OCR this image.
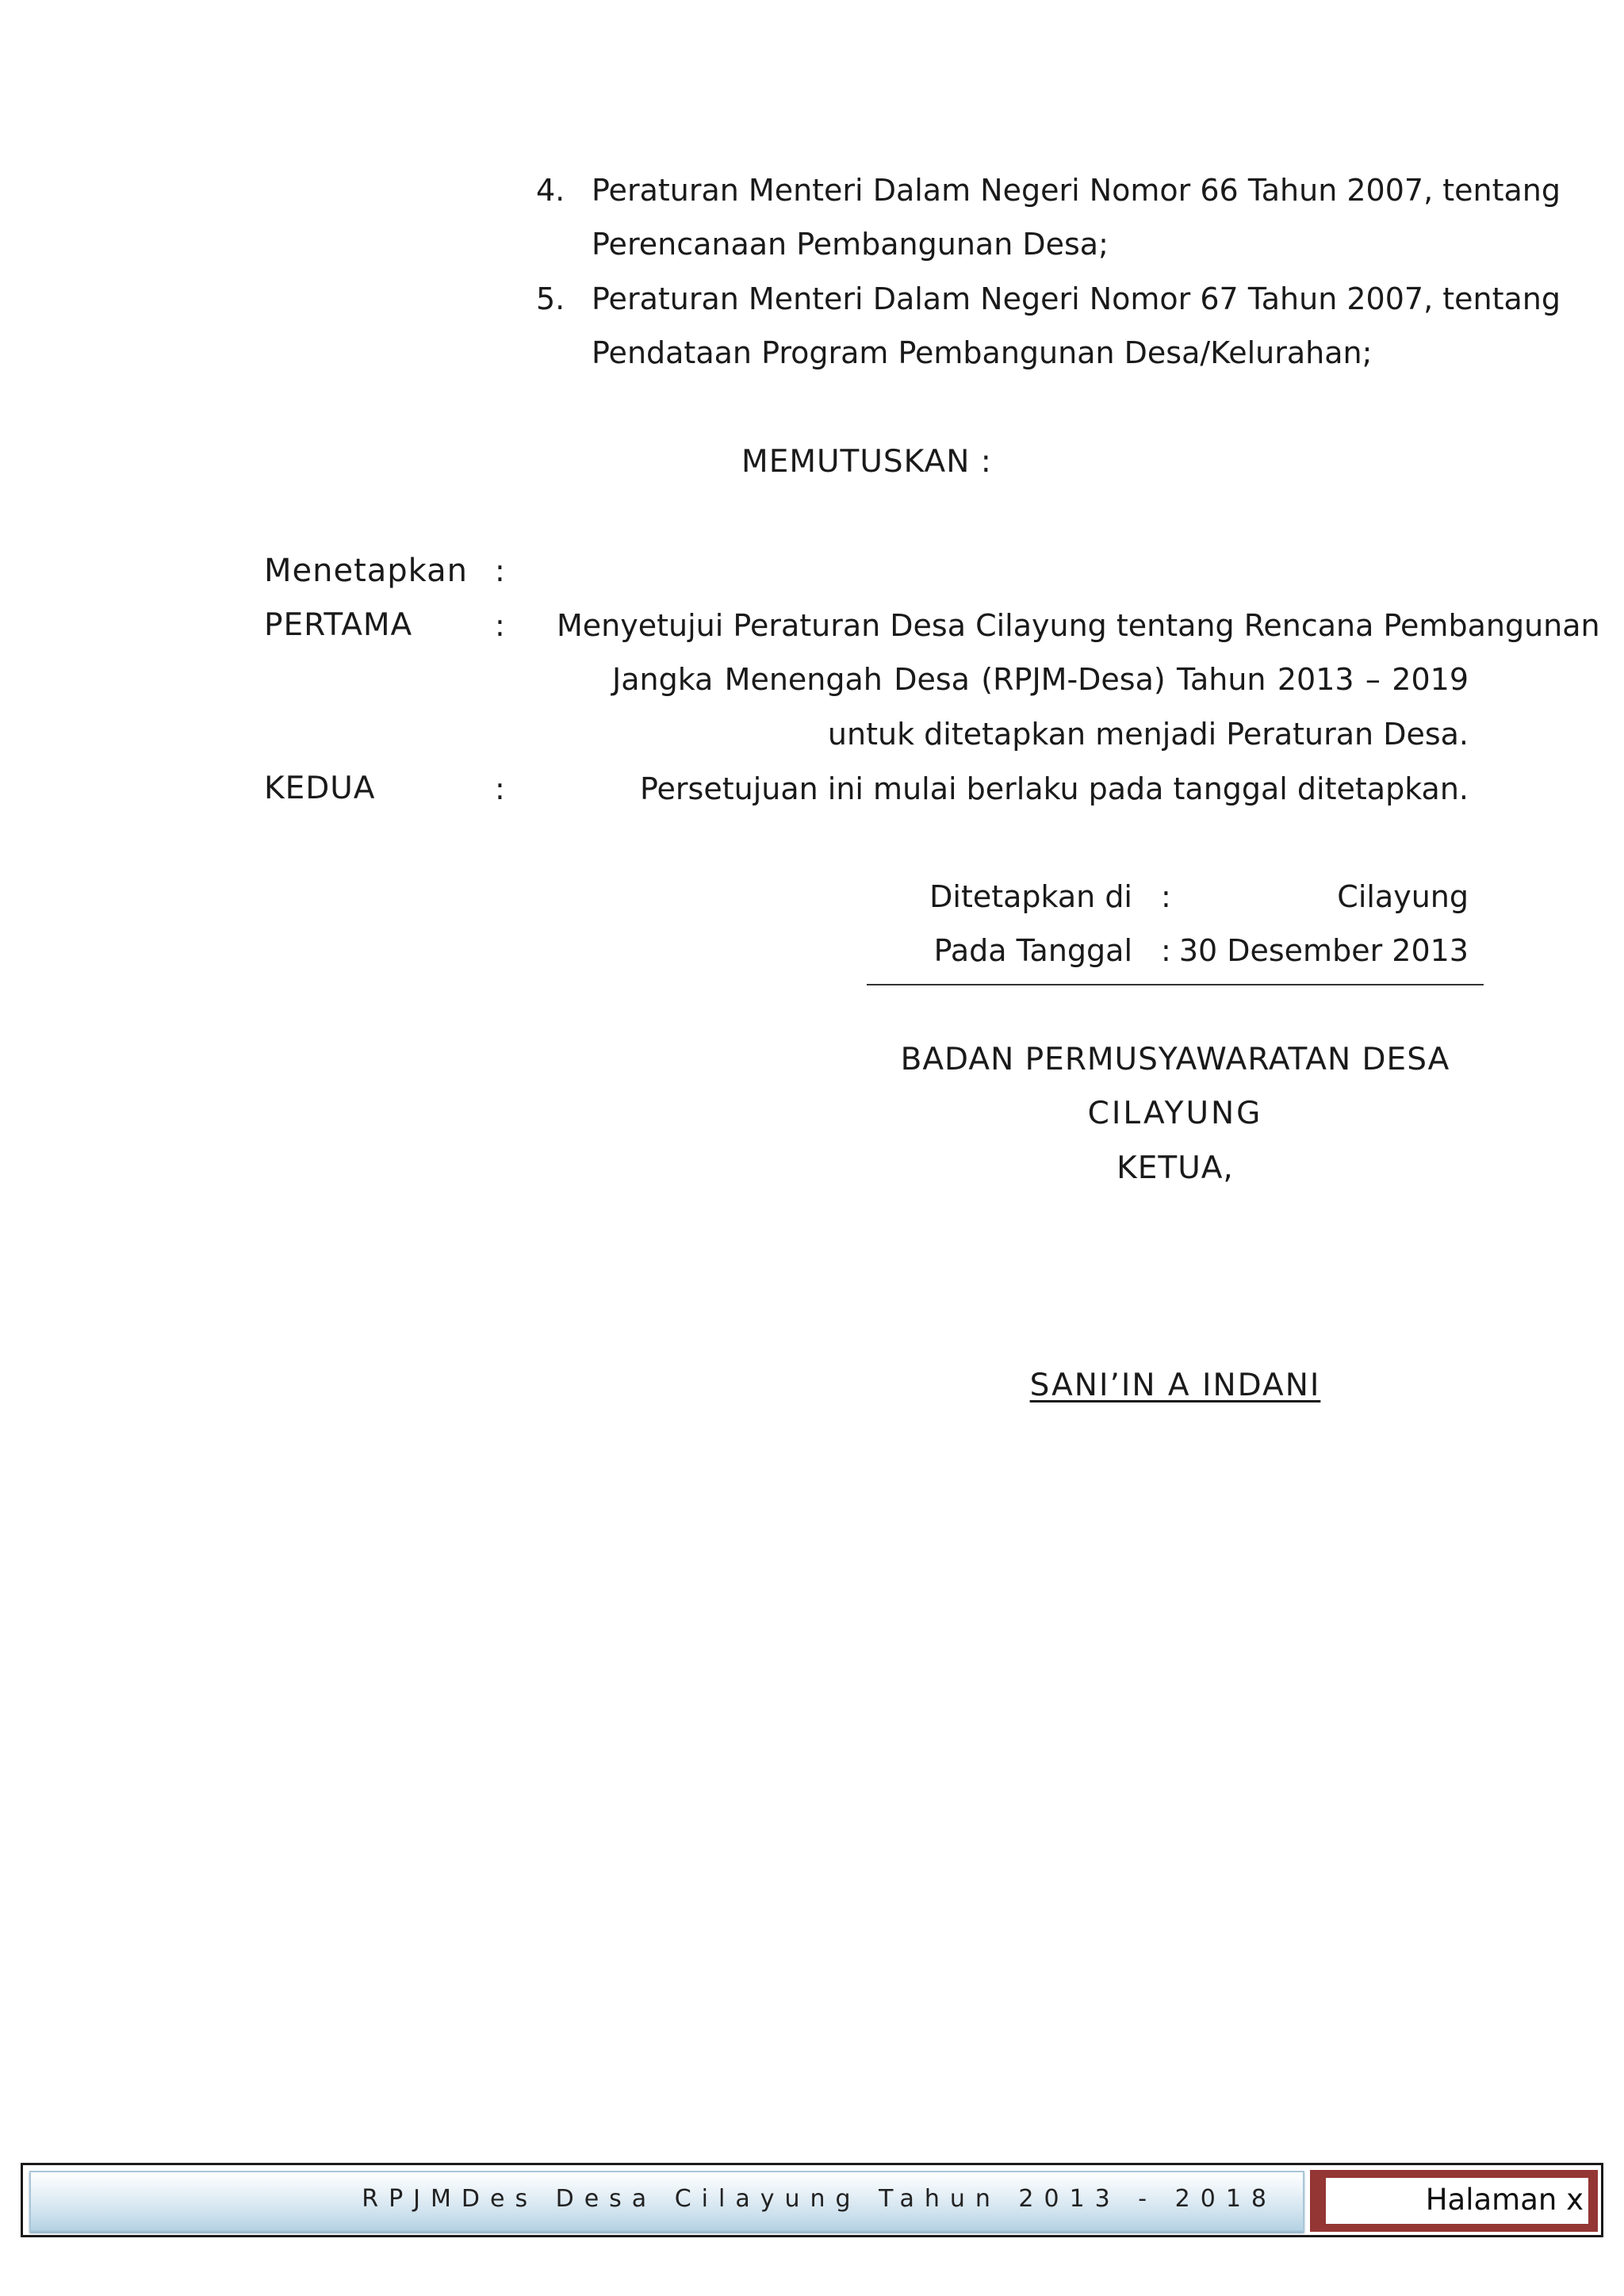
4. Peraturan Menteri Dalam Negeri Nomor 66 Tahun 2007, tentang
Perencanaan Pembangunan Desa;
5. Peraturan Menteri Dalam Negeri Nomor 67 Tahun 2007, tentang
Pendataan Program Pembangunan Desa/Kelurahan;
MEMUTUSKAN :
Menetapkan :
PERTAMA	: Menyetujui Peraturan Desa Cilayung tentang Rencana Pembangunan
Jangka Menengah Desa (RPJM-Desa) Tahun 2013 – 2019
untuk ditetapkan menjadi Peraturan Desa.
KEDUA	:	Persetujuan ini mulai berlaku pada tanggal ditetapkan.
Ditetapkan di :	Cilayung
Pada Tanggal : 30 Desember 2013
BADAN PERMUSYAWARATAN DESA
CILAYUNG
KETUA,
SANI’IN A INDANI
RPJMDes Desa Cilayung Tahun 2013 - 2018	Halaman x
